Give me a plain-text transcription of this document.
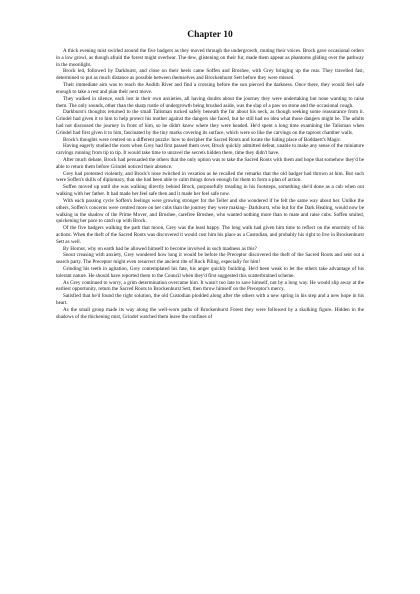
Chapter 10

A thick evening mist swirled around the five badgers as they moved through the undergrowth, muting their voices. Brock gave occasional orders in a low growl, as though afraid the forest might overhear. The dew, glistening on their fur, made them appear as phantoms gliding over the pathway in the moonlight.

Brock led, followed by Darkburst, and close on their heels came Soffen and Broshee, with Grey bringing up the rear. They travelled fast, determined to put as much distance as possible between themselves and Brockenhurst Sett before they were missed.

Their immediate aim was to reach the Andith River and find a crossing before the sun pierced the darkness. Once there, they would feel safe enough to take a rest and plan their next move.

They walked in silence, each lost in their own anxieties, all having doubts about the journey they were undertaking but none wanting to raise them. The only sounds, other than the sharp rustle of undergrowth being brushed aside, was the slap of a paw on stone and the occasional cough.

Darkburst's thoughts returned to the small Talisman tucked safely beneath the fur about his neck, as though seeking some reassurance from it. Grindel had given it to him to help protect his mother against the dangers she faced, but he still had no idea what those dangers might be. The adults had not discussed the journey in front of him, so he didn't know where they were headed. He'd spent a long time examining the Talisman when Grindel had first given it to him, fascinated by the tiny marks covering its surface, which were so like the carvings on the taproot chamber walls.

Brock's thoughts were centred on a different puzzle: how to decipher the Sacred Roots and locate the hiding place of Boddaert's Magic.

Having eagerly studied the roots when Grey had first passed them over, Brock quickly admitted defeat, unable to make any sense of the miniature carvings running from tip to tip. It would take time to unravel the secrets hidden there, time they didn't have.

After much debate, Brock had persuaded the others that the only option was to take the Sacred Roots with them and hope that somehow they'd be able to return them before Grindel noticed their absence.

Grey had protested violently, and Brock's nose twitched in vexation as he recalled the remarks that the old badger had thrown at him. But such were Soffen's skills of diplomacy, that she had been able to calm things down enough for them to form a plan of action.

Soffen moved up until she was walking directly behind Brock, purposefully treading in his footsteps, something she'd done as a cub when out walking with her father. It had made her feel safe then and it made her feel safe now.

With each passing cycle Soffen's feelings were growing stronger for the Teller and she wondered if he felt the same way about her. Unlike the others, Soffen's concerns were centred more on her cubs than the journey they were making– Darkburst, who but for the Dark Healing, would now be walking in the shadow of the Prime Mover, and Broshee, carefree Broshee, who wanted nothing more than to mate and raise cubs. Soffen smiled, quickening her pace to catch up with Brock.

Of the five badgers walking the path that moon, Grey was the least happy. The long walk had given him time to reflect on the enormity of his actions. When the theft of the Sacred Roots was discovered it would cost him his place as a Custodian, and probably his right to live in Brockenhurst Sett as well.

By Hornor, why on earth had he allowed himself to become involved in such madness as this?

Snout creasing with anxiety, Grey wondered how long it would be before the Preceptor discovered the theft of the Sacred Roots and sent out a search party. The Preceptor might even resurrect the ancient rite of Rock Piling, especially for him!

Grinding his teeth in agitation, Grey contemplated his fate, his anger quickly building. He'd been weak to let the others take advantage of his tolerant nature. He should have reported them to the Council when they'd first suggested this scatterbrained scheme.

As Grey continued to worry, a grim determination overcame him. It wasn't too late to save himself, not by a long way. He would slip away at the earliest opportunity, return the Sacred Roots to Brockenhurst Sett, then throw himself on the Preceptor's mercy.

Satisfied that he'd found the right solution, the old Custodian plodded along after the others with a new spring in his step and a new hope in his heart.

As the small group made its way along the well-worn paths of Brockenhurst Forest they were followed by a skulking figure. Hidden in the shadows of the thickening mist, Grindel watched them leave the confines of
